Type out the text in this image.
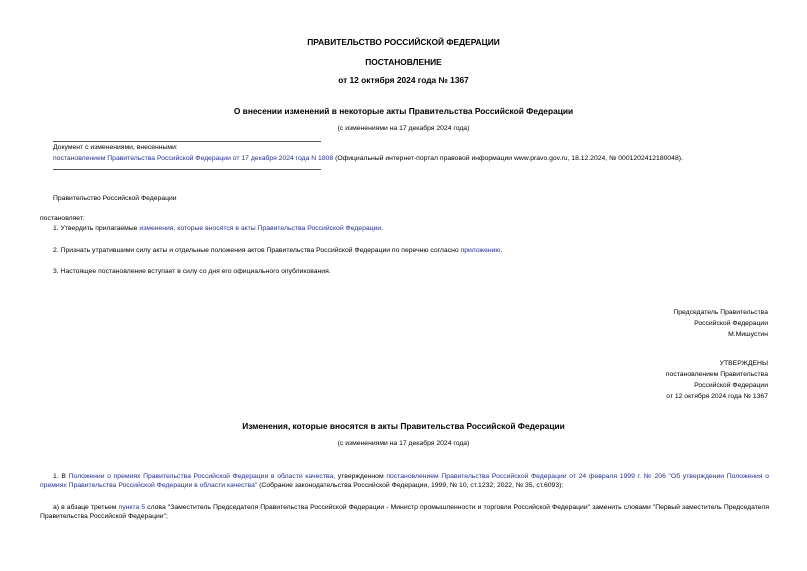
ПРАВИТЕЛЬСТВО РОССИЙСКОЙ ФЕДЕРАЦИИ
ПОСТАНОВЛЕНИЕ
от 12 октября 2024 года № 1367
О внесении изменений в некоторые акты Правительства Российской Федерации
(с изменениями на 17 декабря 2024 года)
Документ с изменениями, внесенными:
постановлением Правительства Российской Федерации от 17 декабря 2024 года N 1808 (Официальный интернет-портал правовой информации www.pravo.gov.ru, 18.12.2024, № 0001202412180048).
Правительство Российской Федерации
постановляет:
1. Утвердить прилагаемые изменения, которые вносятся в акты Правительства Российской Федерации.
2. Признать утратившими силу акты и отдельные положения актов Правительства Российской Федерации по перечню согласно приложению.
3. Настоящее постановление вступает в силу со дня его официального опубликования.
Председатель Правительства
Российской Федерации
М.Мишустин
УТВЕРЖДЕНЫ
постановлением Правительства
Российской Федерации
от 12 октября 2024 года № 1367
Изменения, которые вносятся в акты Правительства Российской Федерации
(с изменениями на 17 декабря 2024 года)
1. В Положении о премиях Правительства Российской Федерации в области качества, утвержденном постановлением Правительства Российской Федерации от 24 февраля 1999 г. № 206 "Об утверждении Положения о премиях Правительства Российской Федерации в области качества" (Собрание законодательства Российской Федерации, 1999, № 10, ст.1232; 2022, № 35, ст.6093):
а) в абзаце третьем пункта 5 слова "Заместитель Председателя Правительства Российской Федерации - Министр промышленности и торговли Российской Федерации" заменить словами "Первый заместитель Председателя Правительства Российской Федерации";
